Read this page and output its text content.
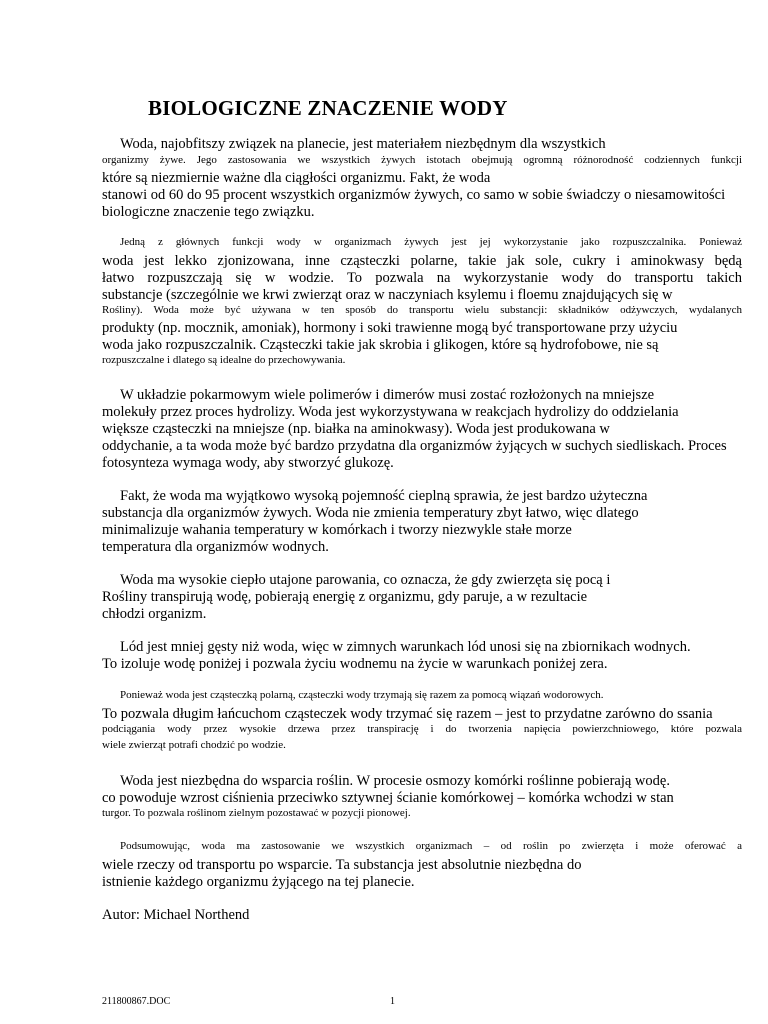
BIOLOGICZNE ZNACZENIE WODY

Woda, najobfitszy związek na planecie, jest materiałem niezbędnym dla wszystkich

organizmy żywe. Jego zastosowania we wszystkich żywych istotach obejmują ogromną różnorodność codziennych funkcji

które są niezmiernie ważne dla ciągłości organizmu. Fakt, że woda

stanowi od 60 do 95 procent wszystkich organizmów żywych, co samo w sobie świadczy o niesamowitości

biologiczne znaczenie tego związku.

Jedną z głównych funkcji wody w organizmach żywych jest jej wykorzystanie jako rozpuszczalnika. Ponieważ

woda jest lekko zjonizowana, inne cząsteczki polarne, takie jak sole, cukry i aminokwasy będą

łatwo rozpuszczają się w wodzie. To pozwala na wykorzystanie wody do transportu takich

substancje (szczególnie we krwi zwierząt oraz w naczyniach ksylemu i floemu znajdujących się w

Rośliny). Woda może być używana w ten sposób do transportu wielu substancji: składników odżywczych, wydalanych

produkty (np. mocznik, amoniak), hormony i soki trawienne mogą być transportowane przy użyciu

woda jako rozpuszczalnik. Cząsteczki takie jak skrobia i glikogen, które są hydrofobowe, nie są

rozpuszczalne i dlatego są idealne do przechowywania.

W układzie pokarmowym wiele polimerów i dimerów musi zostać rozłożonych na mniejsze

molekuły przez proces hydrolizy. Woda jest wykorzystywana w reakcjach hydrolizy do oddzielania

większe cząsteczki na mniejsze (np. białka na aminokwasy). Woda jest produkowana w

oddychanie, a ta woda może być bardzo przydatna dla organizmów żyjących w suchych siedliskach. Proces

fotosynteza wymaga wody, aby stworzyć glukozę.

Fakt, że woda ma wyjątkowo wysoką pojemność cieplną sprawia, że jest bardzo użyteczna

substancja dla organizmów żywych. Woda nie zmienia temperatury zbyt łatwo, więc dlatego

minimalizuje wahania temperatury w komórkach i tworzy niezwykle stałe morze

temperatura dla organizmów wodnych.

Woda ma wysokie ciepło utajone parowania, co oznacza, że gdy zwierzęta się pocą i

Rośliny transpirują wodę, pobierają energię z organizmu, gdy paruje, a w rezultacie

chłodzi organizm.

Lód jest mniej gęsty niż woda, więc w zimnych warunkach lód unosi się na zbiornikach wodnych.

To izoluje wodę poniżej i pozwala życiu wodnemu na życie w warunkach poniżej zera.

Ponieważ woda jest cząsteczką polarną, cząsteczki wody trzymają się razem za pomocą wiązań wodorowych.

To pozwala długim łańcuchom cząsteczek wody trzymać się razem – jest to przydatne zarówno do ssania

podciągania wody przez wysokie drzewa przez transpirację i do tworzenia napięcia powierzchniowego, które pozwala

wiele zwierząt potrafi chodzić po wodzie.

Woda jest niezbędna do wsparcia roślin. W procesie osmozy komórki roślinne pobierają wodę.

co powoduje wzrost ciśnienia przeciwko sztywnej ścianie komórkowej – komórka wchodzi w stan

turgor. To pozwala roślinom zielnym pozostawać w pozycji pionowej.

Podsumowując, woda ma zastosowanie we wszystkich organizmach – od roślin po zwierzęta i może oferować a

wiele rzeczy od transportu po wsparcie. Ta substancja jest absolutnie niezbędna do

istnienie każdego organizmu żyjącego na tej planecie.

Autor: Michael Northend

211800867.DOC	1
